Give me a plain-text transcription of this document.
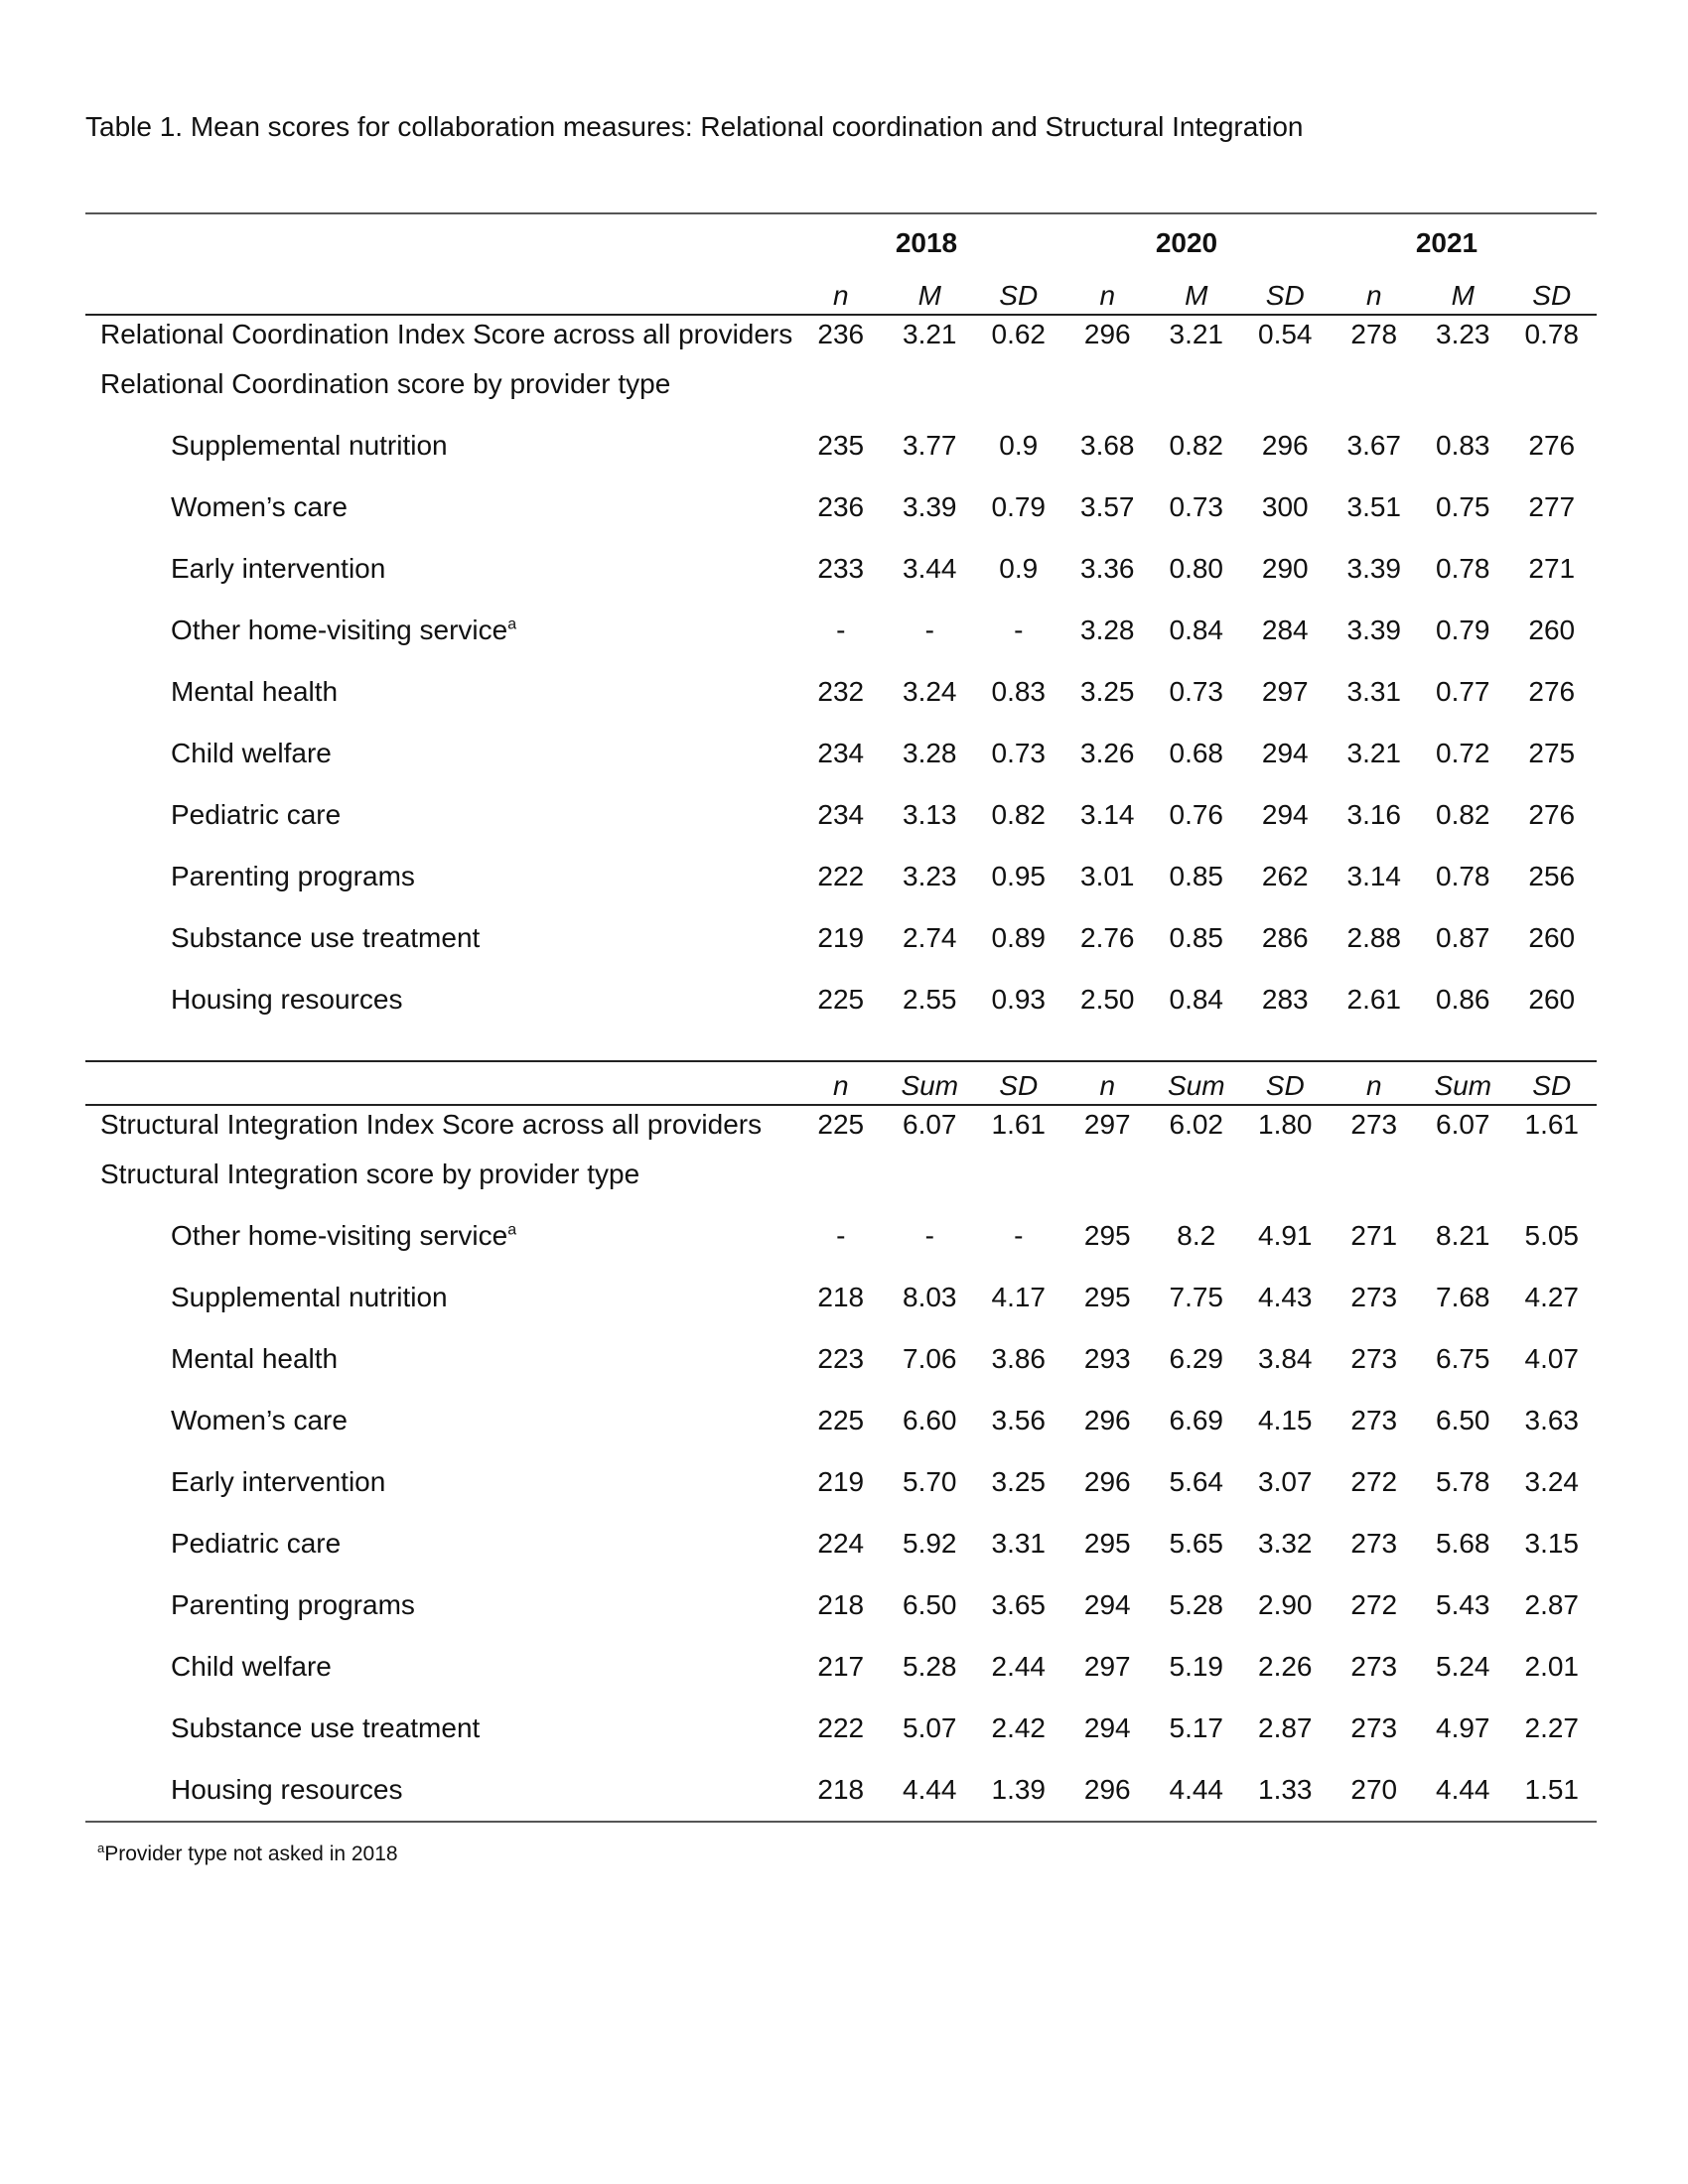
Table 1. Mean scores for collaboration measures: Relational coordination and Structural Integration
2018	2020	2021
n	M	SD	n	M	SD	n	M	SD
Relational Coordination Index Score across all providers 236	3.21	0.62	296	3.21	0.54	278	3.23	0.78
Relational Coordination score by provider type
Supplemental nutrition	235	3.77	0.9	3.68	0.82	296	3.67	0.83	276
Women’s care	236	3.39	0.79	3.57	0.73	300	3.51	0.75	277
Early intervention	233	3.44	0.9	3.36	0.80	290	3.39	0.78	271
Other home-visiting service$^a$	-	-	-	3.28	0.84	284	3.39	0.79	260
Mental health	232	3.24	0.83	3.25	0.73	297	3.31	0.77	276
Child welfare	234	3.28	0.73	3.26	0.68	294	3.21	0.72	275
Pediatric care	234	3.13	0.82	3.14	0.76	294	3.16	0.82	276
Parenting programs	222	3.23	0.95	3.01	0.85	262	3.14	0.78	256
Substance use treatment	219	2.74	0.89	2.76	0.85	286	2.88	0.87	260
Housing resources	225	2.55	0.93	2.50	0.84	283	2.61	0.86	260
n	Sum	SD	n	Sum	SD	n	Sum	SD
Structural Integration Index Score across all providers	225	6.07	1.61	297	6.02	1.80	273	6.07	1.61
Structural Integration score by provider type
Other home-visiting service$^a$	-	-	-	295	8.2	4.91	271	8.21	5.05
Supplemental nutrition	218	8.03	4.17	295	7.75	4.43	273	7.68	4.27
Mental health	223	7.06	3.86	293	6.29	3.84	273	6.75	4.07
Women’s care	225	6.60	3.56	296	6.69	4.15	273	6.50	3.63
Early intervention	219	5.70	3.25	296	5.64	3.07	272	5.78	3.24
Pediatric care	224	5.92	3.31	295	5.65	3.32	273	5.68	3.15
Parenting programs	218	6.50	3.65	294	5.28	2.90	272	5.43	2.87
Child welfare	217	5.28	2.44	297	5.19	2.26	273	5.24	2.01
Substance use treatment	222	5.07	2.42	294	5.17	2.87	273	4.97	2.27
Housing resources	218	4.44	1.39	296	4.44	1.33	270	4.44	1.51
$^a$Provider type not asked in 2018
